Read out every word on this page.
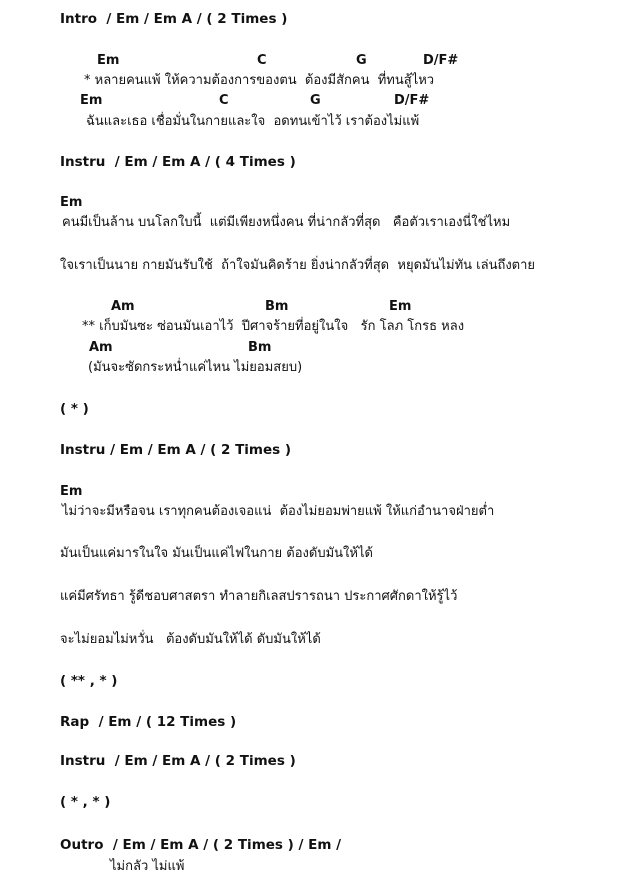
Intro  / Em / Em A / ( 2 Times )
Em	C	G	D/F#
* หลายคนแพ้ ให้ความต้องการของตน  ต้องมีสักคน  ที่ทนสู้ไหว
Em	C	G	D/F#
ฉันและเธอ เชื่อมั่นในกายและใจ  อดทนเข้าไว้ เราต้องไม่แพ้
Instru  / Em / Em A / ( 4 Times )
Em
คนมีเป็นล้าน บนโลกใบนี้  แต่มีเพียงหนึ่งคน ที่น่ากลัวที่สุด   คือตัวเราเองนี่ใช่ไหม
ใจเราเป็นนาย กายมันรับใช้  ถ้าใจมันคิดร้าย ยิ่งน่ากลัวที่สุด  หยุดมันไม่ทัน เล่นถึงตาย
Am	Bm	Em
** เก็บมันซะ ซ่อนมันเอาไว้  ปีศาจร้ายที่อยู่ในใจ   รัก โลภ โกรธ หลง
Am	Bm
(มันจะซัดกระหน่ำแค่ไหน ไม่ยอมสยบ)
( * )
Instru / Em / Em A / ( 2 Times )
Em
ไม่ว่าจะมีหรือจน เราทุกคนต้องเจอแน่  ต้องไม่ยอมพ่ายแพ้ ให้แก่อำนาจฝ่ายต่ำ
มันเป็นแค่มารในใจ มันเป็นแค่ไฟในกาย ต้องดับมันให้ได้
แค่มีศรัทธา รู้ดีชอบศาสตรา ทำลายกิเลสปรารถนา ประกาศศักดาให้รู้ไว้
จะไม่ยอมไม่หวั่น   ต้องดับมันให้ได้ ดับมันให้ได้
( ** , * )
Rap  / Em / ( 12 Times )
Instru  / Em / Em A / ( 2 Times )
( * , * )
Outro  / Em / Em A / ( 2 Times ) / Em /
ไม่กลัว ไม่แพ้
